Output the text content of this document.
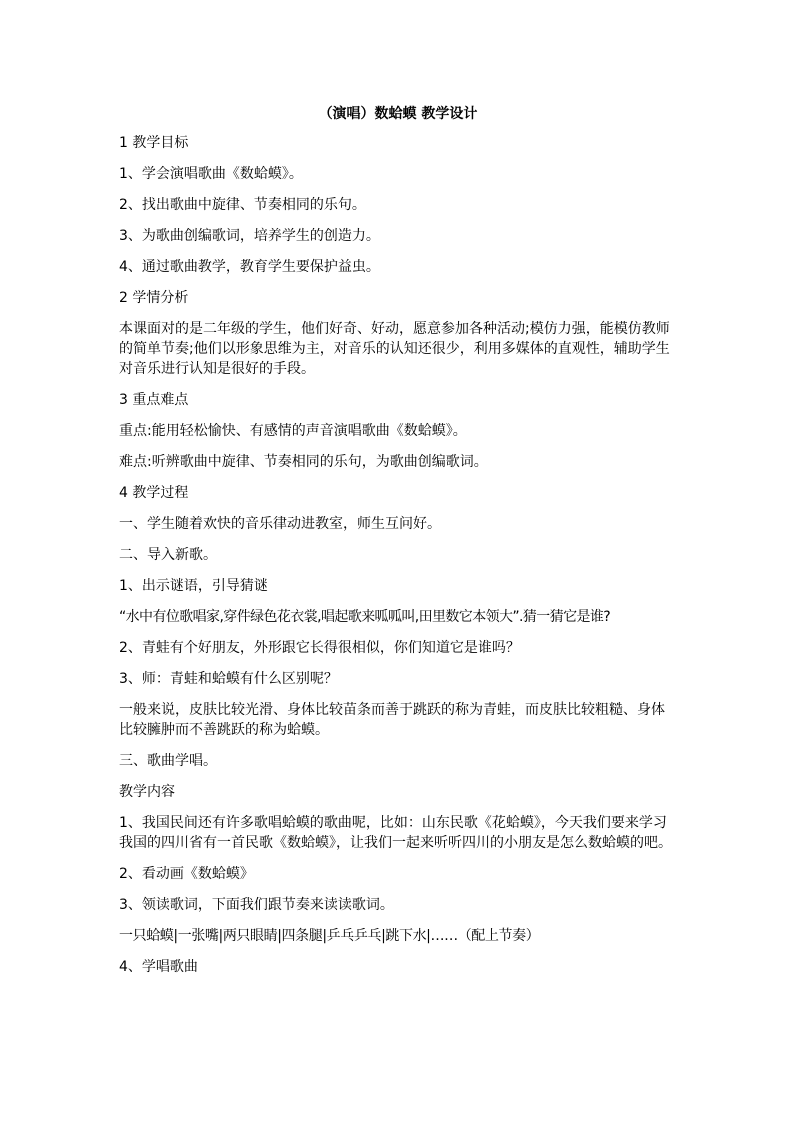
（演唱）数蛤蟆 教学设计
1 教学目标
1、学会演唱歌曲《数蛤蟆》。
2、找出歌曲中旋律、节奏相同的乐句。
3、为歌曲创编歌词，培养学生的创造力。
4、通过歌曲教学，教育学生要保护益虫。
2 学情分析
本课面对的是二年级的学生，他们好奇、好动，愿意参加各种活动;模仿力强，能模仿教师的简单节奏;他们以形象思维为主，对音乐的认知还很少，利用多媒体的直观性，辅助学生对音乐进行认知是很好的手段。
3 重点难点
重点:能用轻松愉快、有感情的声音演唱歌曲《数蛤蟆》。
难点:听辨歌曲中旋律、节奏相同的乐句，为歌曲创编歌词。
4 教学过程
一、学生随着欢快的音乐律动进教室，师生互问好。
二、导入新歌。
1、出示谜语，引导猜谜
“水中有位歌唱家,穿件绿色花衣裳,唱起歌来呱呱叫,田里数它本领大”.猜一猜它是谁?
2、青蛙有个好朋友，外形跟它长得很相似，你们知道它是谁吗？
3、师：青蛙和蛤蟆有什么区别呢？
一般来说，皮肤比较光滑、身体比较苗条而善于跳跃的称为青蛙，而皮肤比较粗糙、身体比较臃肿而不善跳跃的称为蛤蟆。
三、歌曲学唱。
教学内容
1、我国民间还有许多歌唱蛤蟆的歌曲呢，比如：山东民歌《花蛤蟆》，今天我们要来学习我国的四川省有一首民歌《数蛤蟆》，让我们一起来听听四川的小朋友是怎么数蛤蟆的吧。
2、看动画《数蛤蟆》
3、领读歌词，下面我们跟节奏来读读歌词。
一只蛤蟆|一张嘴|两只眼睛|四条腿|乒乓乒乓|跳下水|……（配上节奏）
4、学唱歌曲
